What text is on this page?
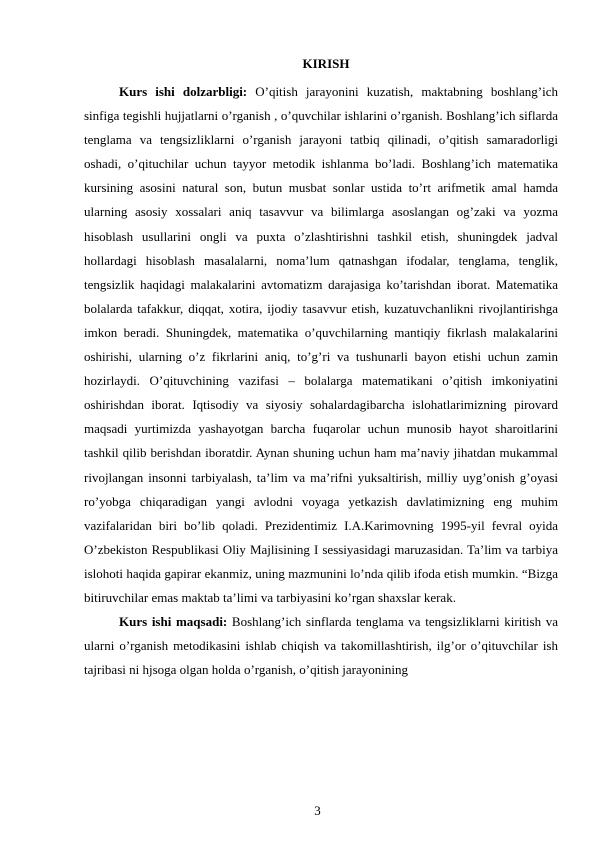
KIRISH

Kurs ishi dolzarbligi: O’qitish jarayonini kuzatish, maktabning boshlang’ich sinfiga tegishli hujjatlarni o’rganish , o’quvchilar ishlarini o’rganish. Boshlang’ich siflarda tenglama va tengsizliklarni o’rganish jarayoni tatbiq qilinadi, o’qitish samaradorligi oshadi, o’qituchilar uchun tayyor metodik ishlanma bo’ladi. Boshlang’ich matematika kursining asosini natural son, butun musbat sonlar ustida to’rt arifmetik amal hamda ularning asosiy xossalari aniq tasavvur va bilimlarga asoslangan og’zaki va yozma hisoblash usullarini ongli va puxta o’zlashtirishni tashkil etish, shuningdek jadval hollardagi hisoblash masalalarni, noma’lum qatnashgan ifodalar, tenglama, tenglik, tengsizlik haqidagi malakalarini avtomatizm darajasiga ko’tarishdan iborat. Matematika bolalarda tafakkur, diqqat, xotira, ijodiy tasavvur etish, kuzatuvchanlikni rivojlantirishga imkon beradi. Shuningdek, matematika o’quvchilarning mantiqiy fikrlash malakalarini oshirishi, ularning o’z fikrlarini aniq, to’g’ri va tushunarli bayon etishi uchun zamin hozirlaydi. O’qituvchining vazifasi – bolalarga matematikani o’qitish imkoniyatini oshirishdan iborat. Iqtisodiy va siyosiy sohalardagibarcha islohatlarimizning pirovard maqsadi yurtimizda yashayotgan barcha fuqarolar uchun munosib hayot sharoitlarini tashkil qilib berishdan iboratdir. Aynan shuning uchun ham ma’naviy jihatdan mukammal rivojlangan insonni tarbiyalash, ta’lim va ma’rifni yuksaltirish, milliy uyg’onish g’oyasi ro’yobga chiqaradigan yangi avlodni voyaga yetkazish davlatimizning eng muhim vazifalaridan biri bo’lib qoladi. Prezidentimiz I.A.Karimovning 1995-yil fevral oyida O’zbekiston Respublikasi Oliy Majlisining I sessiyasidagi maruzasidan. Ta’lim va tarbiya islohoti haqida gapirar ekanmiz, uning mazmunini lo’nda qilib ifoda etish mumkin. “Bizga bitiruvchilar emas maktab ta’limi va tarbiyasini ko’rgan shaxslar kerak.

Kurs ishi maqsadi: Boshlang’ich sinflarda tenglama va tengsizliklarni kiritish va ularni o’rganish metodikasini ishlab chiqish va takomillashtirish, ilg’or o’qituvchilar ish tajribasi ni hjsoga olgan holda o’rganish, o’qitish jarayonining

3
